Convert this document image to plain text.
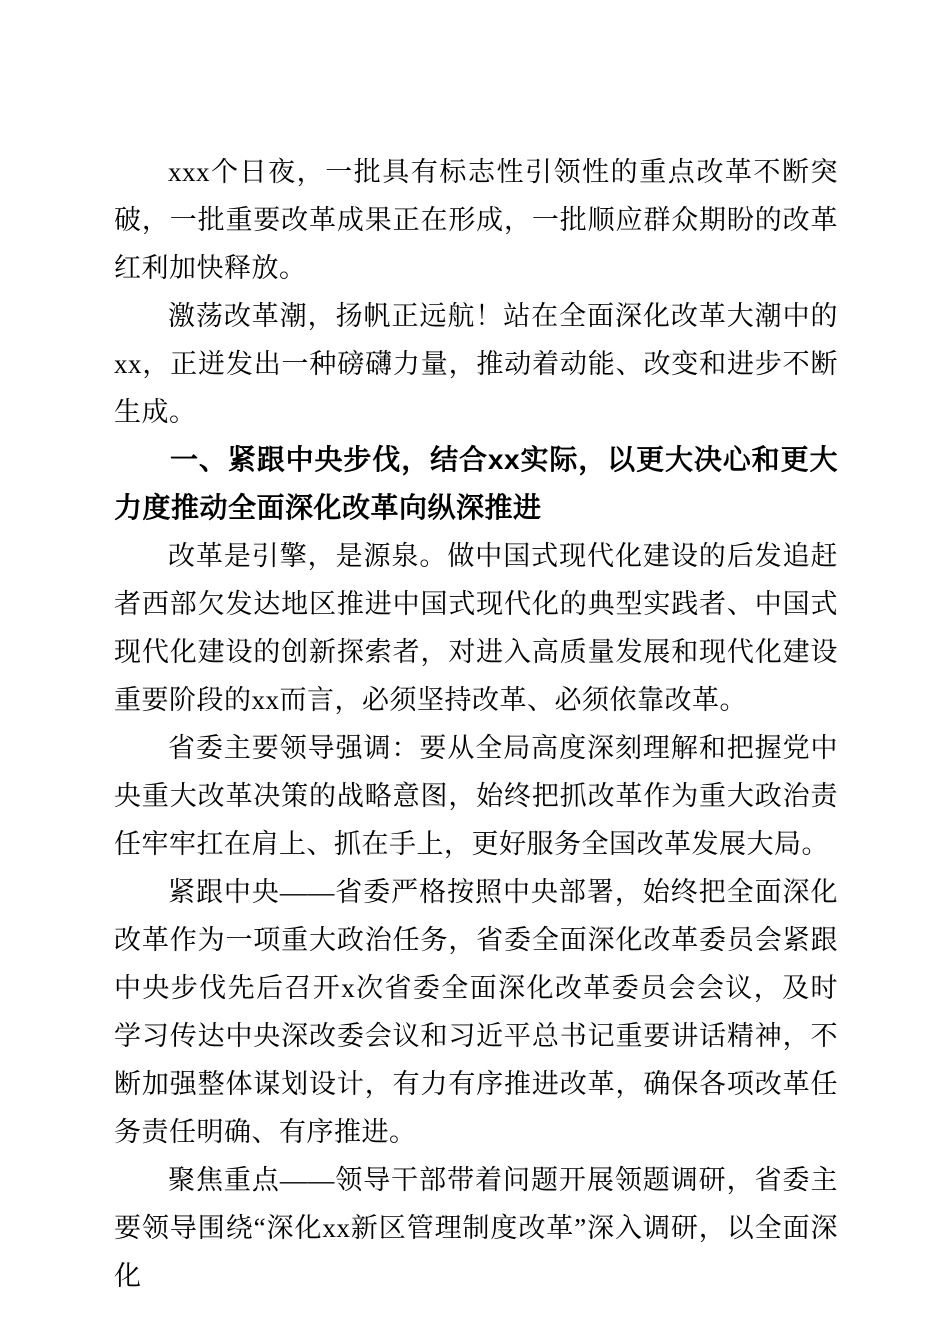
xxx个日夜，一批具有标志性引领性的重点改革不断突破，一批重要改革成果正在形成，一批顺应群众期盼的改革红利加快释放。

激荡改革潮，扬帆正远航！站在全面深化改革大潮中的xx，正迸发出一种磅礴力量，推动着动能、改变和进步不断生成。

一、紧跟中央步伐，结合xx实际，以更大决心和更大力度推动全面深化改革向纵深推进

改革是引擎，是源泉。做中国式现代化建设的后发追赶者西部欠发达地区推进中国式现代化的典型实践者、中国式现代化建设的创新探索者，对进入高质量发展和现代化建设重要阶段的xx而言，必须坚持改革、必须依靠改革。

省委主要领导强调：要从全局高度深刻理解和把握党中央重大改革决策的战略意图，始终把抓改革作为重大政治责任牢牢扛在肩上、抓在手上，更好服务全国改革发展大局。

紧跟中央——省委严格按照中央部署，始终把全面深化改革作为一项重大政治任务，省委全面深化改革委员会紧跟中央步伐先后召开x次省委全面深化改革委员会会议，及时学习传达中央深改委会议和习近平总书记重要讲话精神，不断加强整体谋划设计，有力有序推进改革，确保各项改革任务责任明确、有序推进。

聚焦重点——领导干部带着问题开展领题调研，省委主要领导围绕“深化xx新区管理制度改革”深入调研，以全面深化
